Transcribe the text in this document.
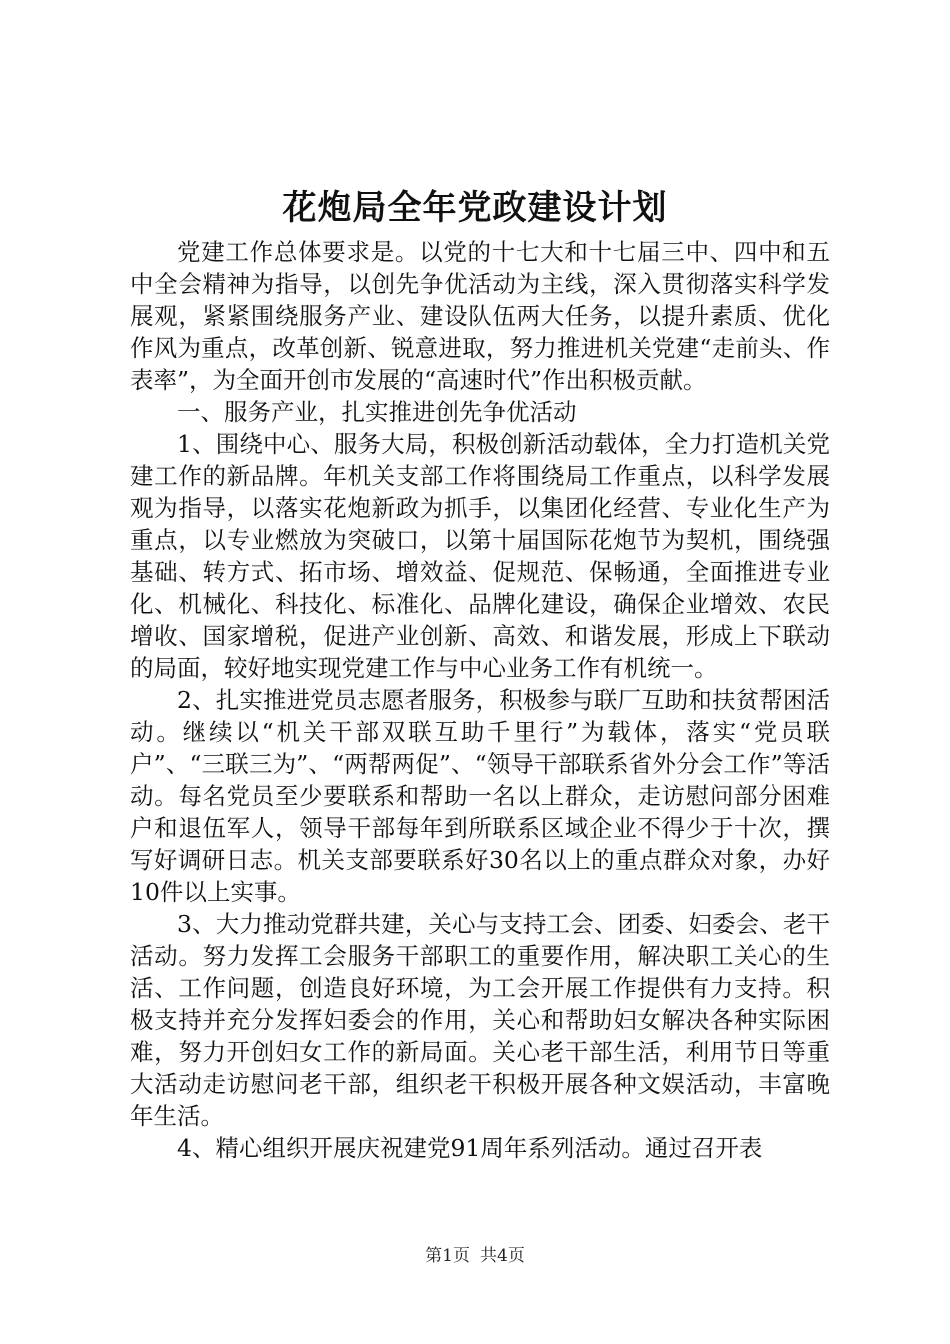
花炮局全年党政建设计划

党建工作总体要求是。以党的十七大和十七届三中、四中和五中全会精神为指导，以创先争优活动为主线，深入贯彻落实科学发展观，紧紧围绕服务产业、建设队伍两大任务，以提升素质、优化作风为重点，改革创新、锐意进取，努力推进机关党建“走前头、作表率”，为全面开创市发展的“高速时代”作出积极贡献。

一、服务产业，扎实推进创先争优活动

1、围绕中心、服务大局，积极创新活动载体，全力打造机关党建工作的新品牌。年机关支部工作将围绕局工作重点，以科学发展观为指导，以落实花炮新政为抓手，以集团化经营、专业化生产为重点，以专业燃放为突破口，以第十届国际花炮节为契机，围绕强基础、转方式、拓市场、增效益、促规范、保畅通，全面推进专业化、机械化、科技化、标准化、品牌化建设，确保企业增效、农民增收、国家增税，促进产业创新、高效、和谐发展，形成上下联动的局面，较好地实现党建工作与中心业务工作有机统一。

2、扎实推进党员志愿者服务，积极参与联厂互助和扶贫帮困活动。继续以“机关干部双联互助千里行”为载体，落实“党员联户”、“三联三为”、“两帮两促”、“领导干部联系省外分会工作”等活动。每名党员至少要联系和帮助一名以上群众，走访慰问部分困难户和退伍军人，领导干部每年到所联系区域企业不得少于十次，撰写好调研日志。机关支部要联系好30名以上的重点群众对象，办好10件以上实事。

3、大力推动党群共建，关心与支持工会、团委、妇委会、老干活动。努力发挥工会服务干部职工的重要作用，解决职工关心的生活、工作问题，创造良好环境，为工会开展工作提供有力支持。积极支持并充分发挥妇委会的作用，关心和帮助妇女解决各种实际困难，努力开创妇女工作的新局面。关心老干部生活，利用节日等重大活动走访慰问老干部，组织老干积极开展各种文娱活动，丰富晚年生活。

4、精心组织开展庆祝建党91周年系列活动。通过召开表

第1页 共4页
